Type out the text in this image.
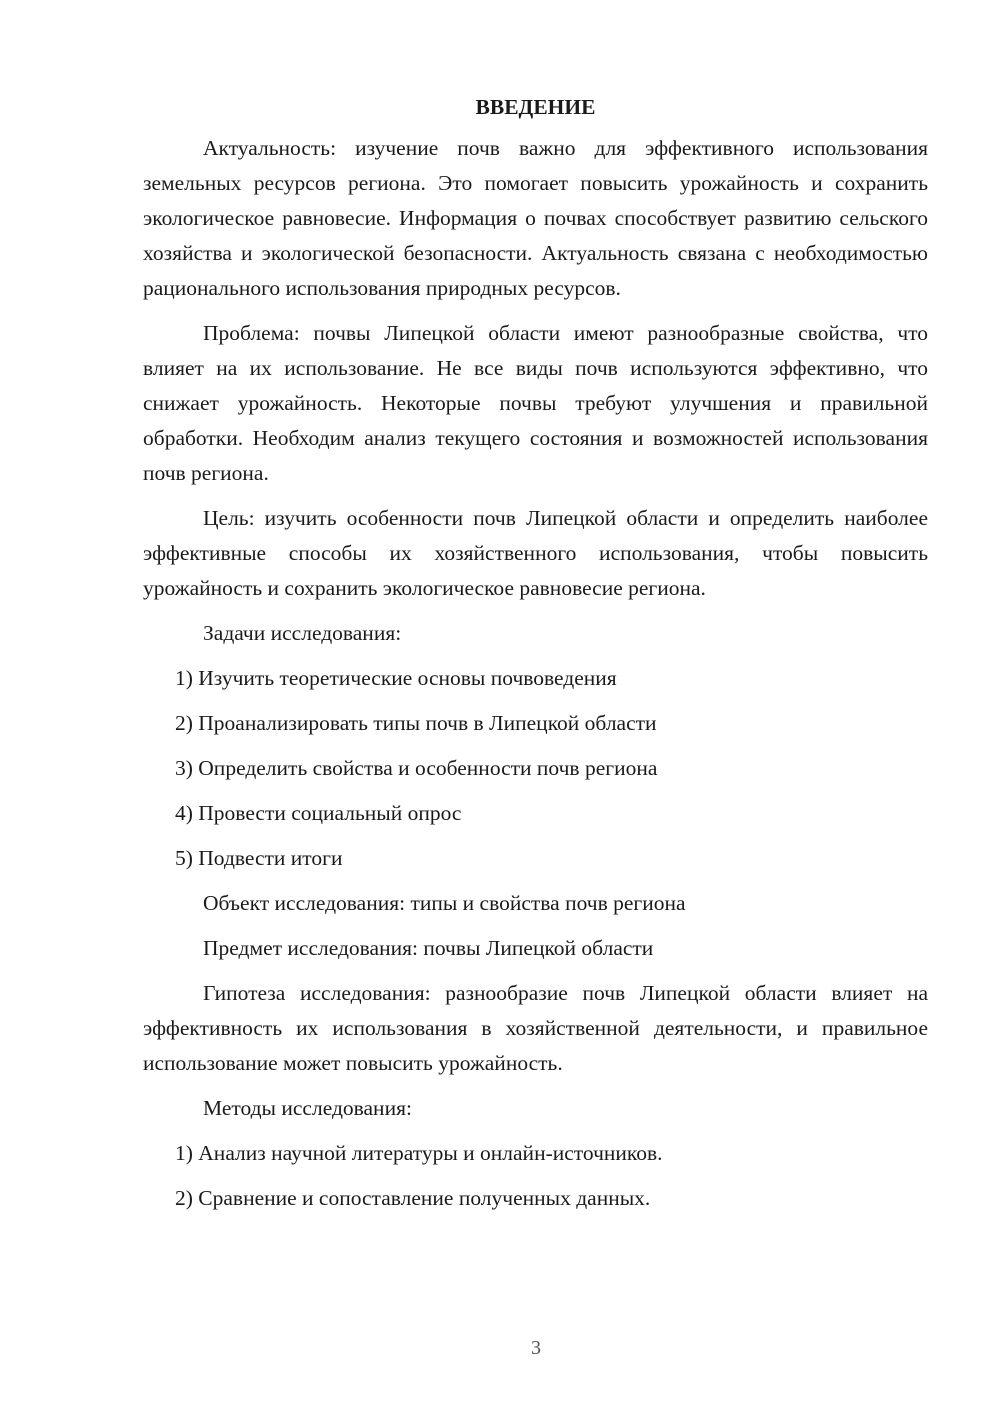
ВВЕДЕНИЕ

Актуальность: изучение почв важно для эффективного использования земельных ресурсов региона. Это помогает повысить урожайность и сохранить экологическое равновесие. Информация о почвах способствует развитию сельского хозяйства и экологической безопасности. Актуальность связана с необходимостью рационального использования природных ресурсов.

Проблема: почвы Липецкой области имеют разнообразные свойства, что влияет на их использование. Не все виды почв используются эффективно, что снижает урожайность. Некоторые почвы требуют улучшения и правильной обработки. Необходим анализ текущего состояния и возможностей использования почв региона.

Цель: изучить особенности почв Липецкой области и определить наиболее эффективные способы их хозяйственного использования, чтобы повысить урожайность и сохранить экологическое равновесие региона.

Задачи исследования:

1) Изучить теоретические основы почвоведения

2) Проанализировать типы почв в Липецкой области

3) Определить свойства и особенности почв региона

4) Провести социальный опрос

5) Подвести итоги

Объект исследования: типы и свойства почв региона

Предмет исследования: почвы Липецкой области

Гипотеза исследования: разнообразие почв Липецкой области влияет на эффективность их использования в хозяйственной деятельности, и правильное использование может повысить урожайность.

Методы исследования:

1) Анализ научной литературы и онлайн-источников.

2) Сравнение и сопоставление полученных данных.

3
